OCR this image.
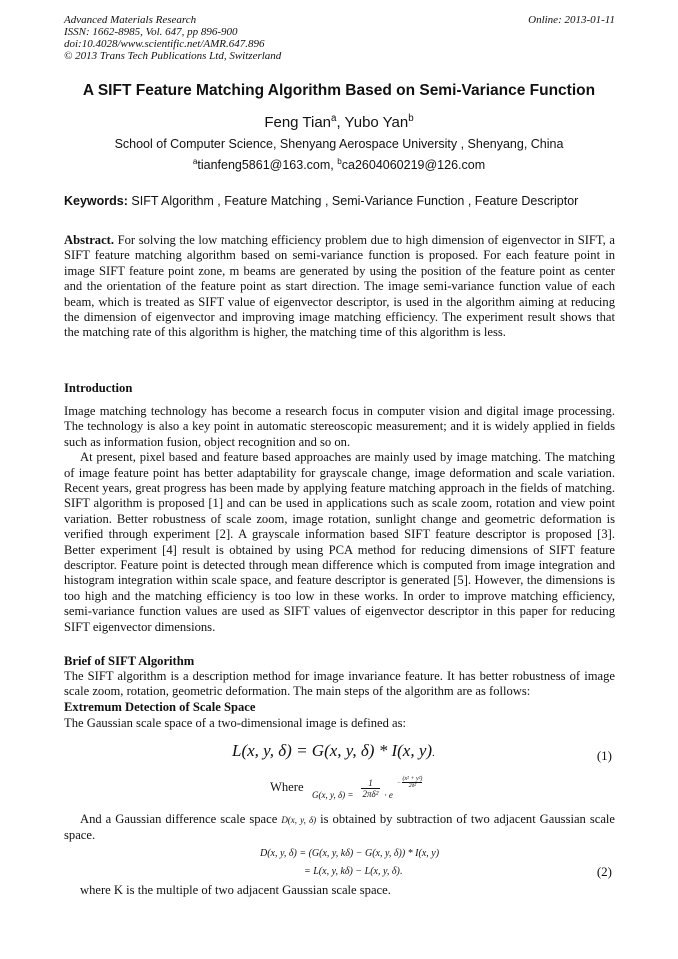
Advanced Materials Research
ISSN: 1662-8985, Vol. 647, pp 896-900
doi:10.4028/www.scientific.net/AMR.647.896
© 2013 Trans Tech Publications Ltd, Switzerland
Online: 2013-01-11
A SIFT Feature Matching Algorithm Based on Semi-Variance Function
Feng Tian$^a$, Yubo Yan$^b$
School of Computer Science, Shenyang Aerospace University , Shenyang, China
$^a$tianfeng5861@163.com, $^b$ca2604060219@126.com
Keywords: SIFT Algorithm , Feature Matching , Semi-Variance Function , Feature Descriptor

Abstract. For solving the low matching efficiency problem due to high dimension of eigenvector in SIFT, a SIFT feature matching algorithm based on semi-variance function is proposed. For each feature point in image SIFT feature point zone, m beams are generated by using the position of the feature point as center and the orientation of the feature point as start direction. The image semi-variance function value of each beam, which is treated as SIFT value of eigenvector descriptor, is used in the algorithm aiming at reducing the dimension of eigenvector and improving image matching efficiency. The experiment result shows that the matching rate of this algorithm is higher, the matching time of this algorithm is less.

Introduction

Image matching technology has become a research focus in computer vision and digital image processing. The technology is also a key point in automatic stereoscopic measurement; and it is widely applied in fields such as information fusion, object recognition and so on.

At present, pixel based and feature based approaches are mainly used by image matching. The matching of image feature point has better adaptability for grayscale change, image deformation and scale variation. Recent years, great progress has been made by applying feature matching approach in the fields of matching. SIFT algorithm is proposed [1] and can be used in applications such as scale zoom, rotation and view point variation. Better robustness of scale zoom, image rotation, sunlight change and geometric deformation is verified through experiment [2]. A grayscale information based SIFT feature descriptor is proposed [3]. Better experiment [4] result is obtained by using PCA method for reducing dimensions of SIFT feature descriptor. Feature point is detected through mean difference which is computed from image integration and histogram integration within scale space, and feature descriptor is generated [5]. However, the dimensions is too high and the matching efficiency is too low in these works. In order to improve matching efficiency, semi-variance function values are used as SIFT values of eigenvector descriptor in this paper for reducing SIFT eigenvector dimensions.

Brief of SIFT Algorithm

The SIFT algorithm is a description method for image invariance feature. It has better robustness of image scale zoom, rotation, geometric deformation. The main steps of the algorithm are as follows:

Extremum Detection of Scale Space

The Gaussian scale space of a two-dimensional image is defined as:

L(x, y, δ) = G(x, y, δ) * I(x, y).	(1)
Where
$_{G(x, y, \delta) =} \frac{1}{\text{2πδ²}} _{\cdot e} - \frac{\text{(x² + y²)}}{\text{2δ²}}$

And a Gaussian difference scale space D(x, y, δ) is obtained by subtraction of two adjacent Gaussian scale space.

D(x, y, δ) = (G(x, y, kδ) − G(x, y, δ)) * I(x, y)
= L(x, y, kδ) − L(x, y, δ).	(2)
where K is the multiple of two adjacent Gaussian scale space.
